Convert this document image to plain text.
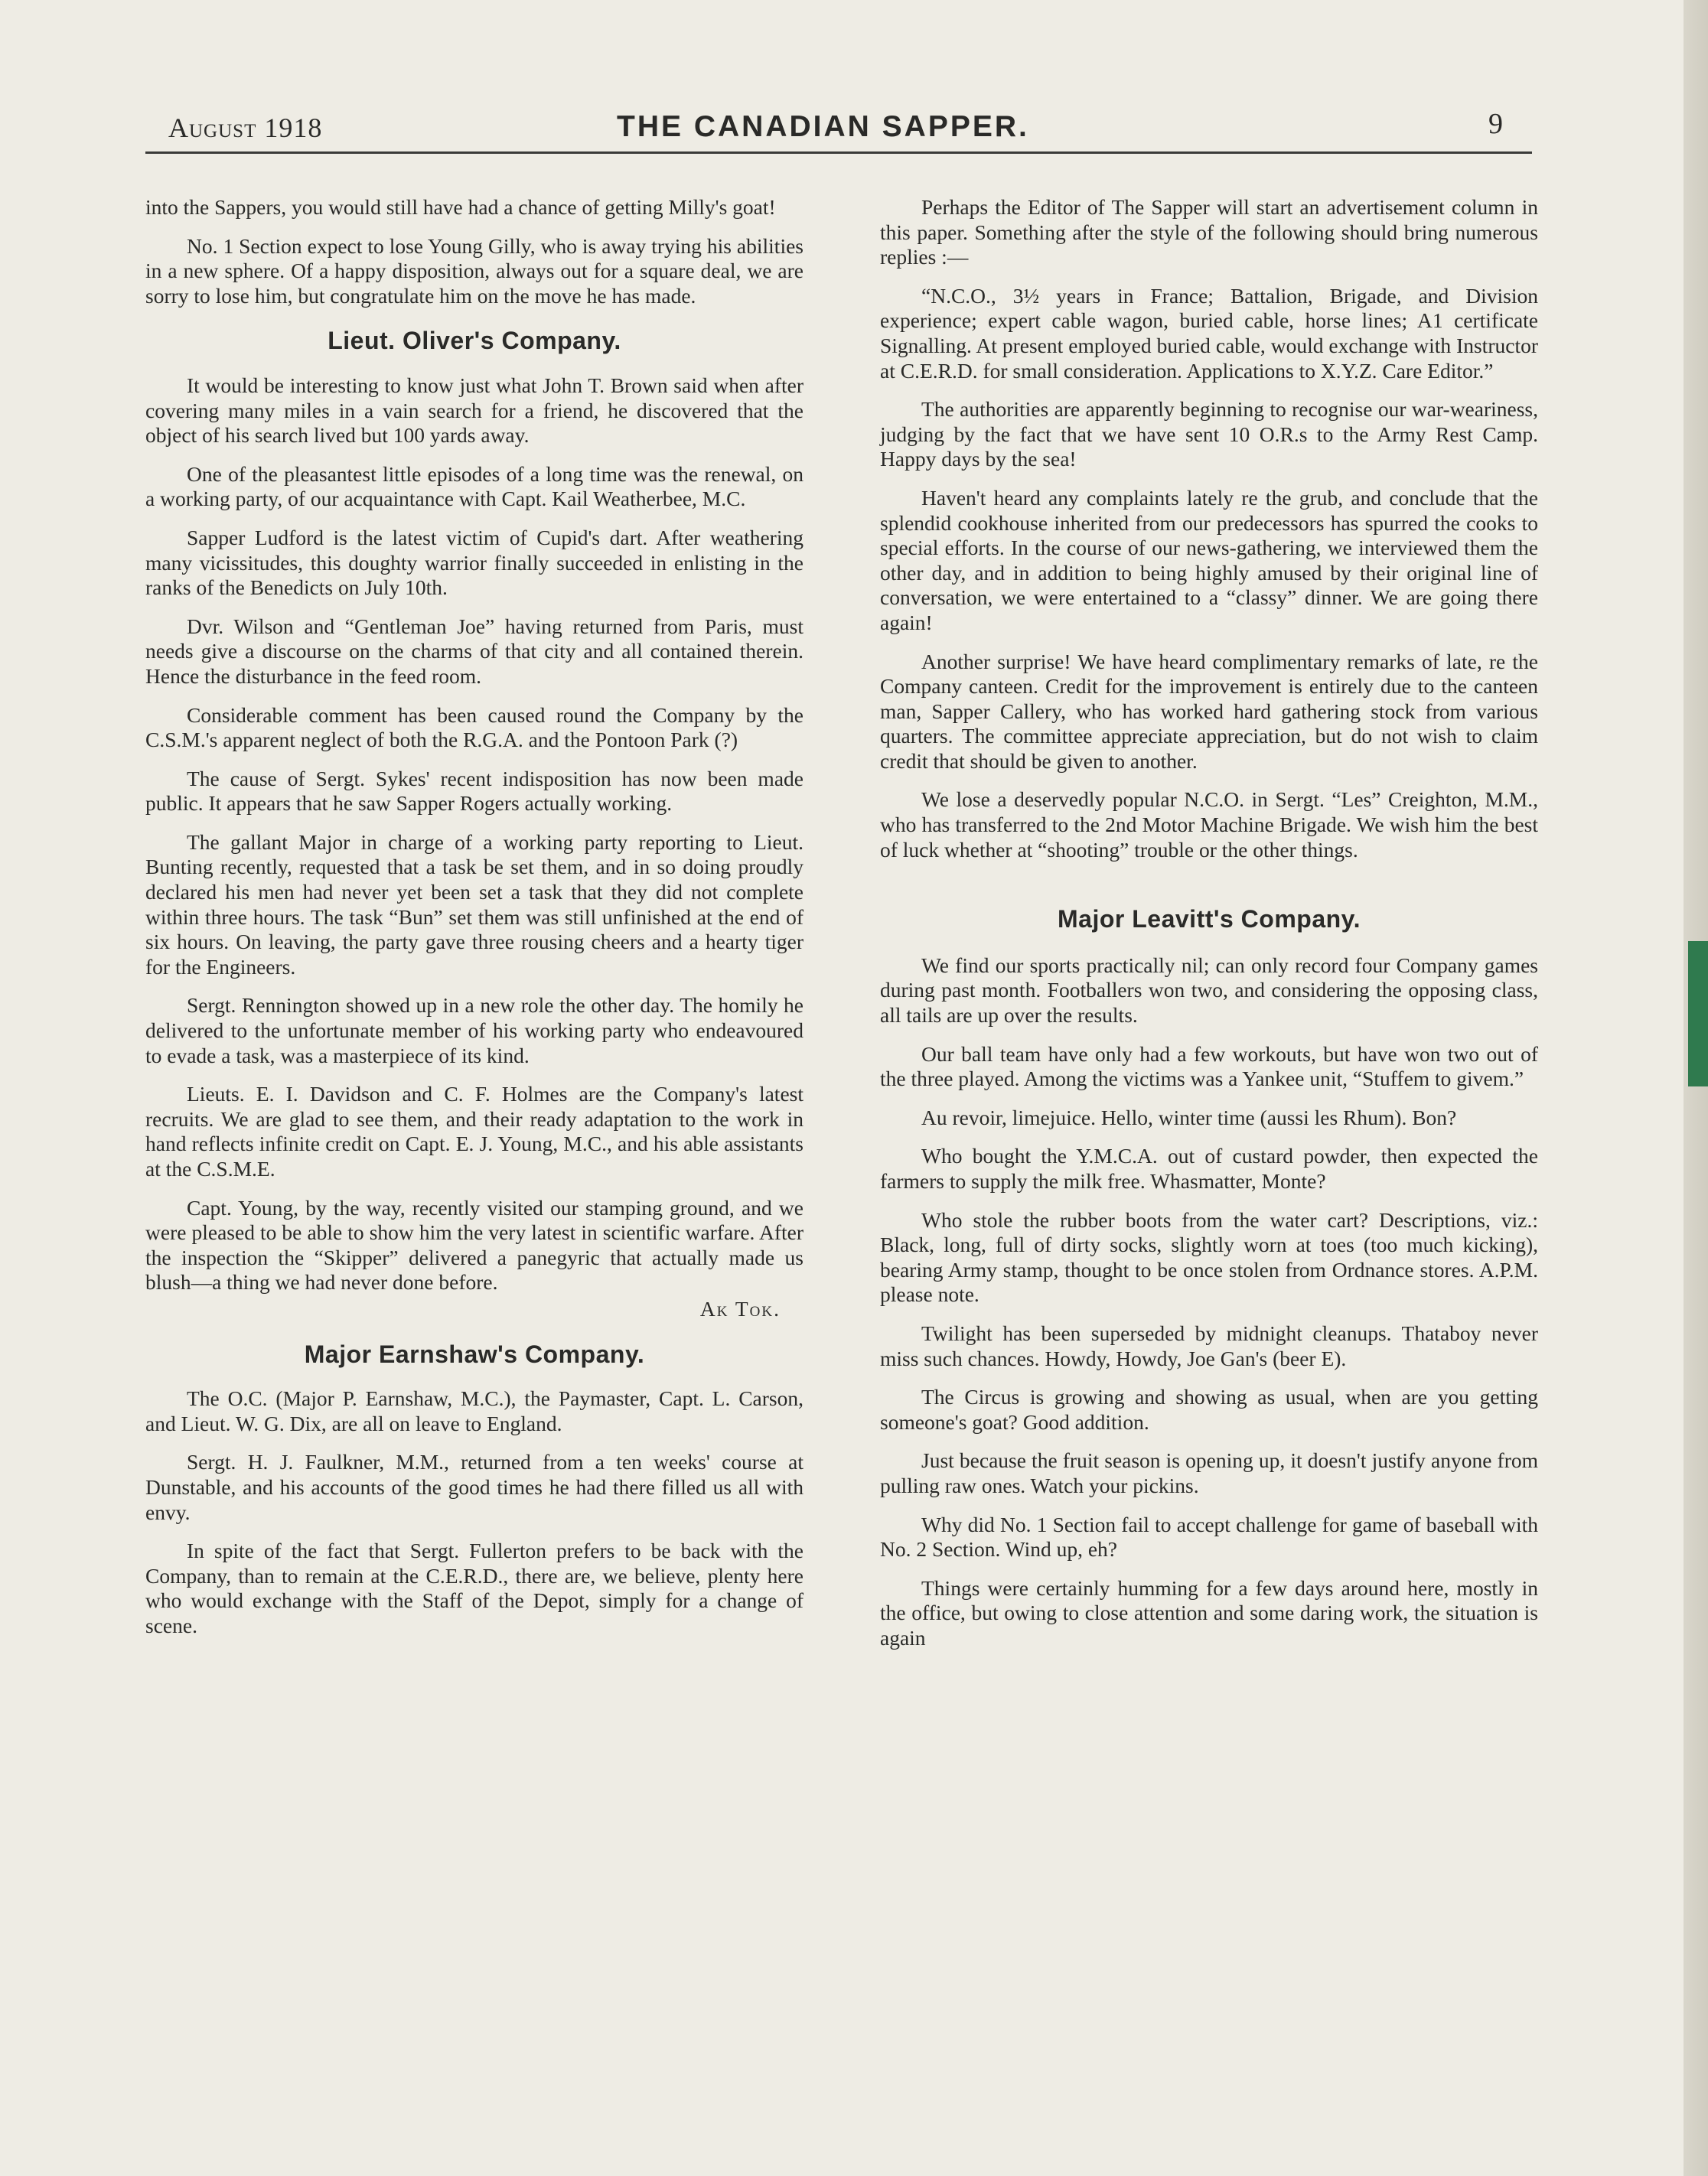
August 1918	THE CANADIAN SAPPER.	9

into the Sappers, you would still have had a chance of getting Milly's goat!

No. 1 Section expect to lose Young Gilly, who is away trying his abilities in a new sphere. Of a happy disposition, always out for a square deal, we are sorry to lose him, but congratulate him on the move he has made.

Lieut. Oliver's Company.

It would be interesting to know just what John T. Brown said when after covering many miles in a vain search for a friend, he discovered that the object of his search lived but 100 yards away.

One of the pleasantest little episodes of a long time was the renewal, on a working party, of our acquaintance with Capt. Kail Weatherbee, M.C.

Sapper Ludford is the latest victim of Cupid's dart. After weathering many vicissitudes, this doughty warrior finally succeeded in enlisting in the ranks of the Benedicts on July 10th.

Dvr. Wilson and “Gentleman Joe” having returned from Paris, must needs give a discourse on the charms of that city and all contained therein. Hence the disturbance in the feed room.

Considerable comment has been caused round the Company by the C.S.M.'s apparent neglect of both the R.G.A. and the Pontoon Park (?)

The cause of Sergt. Sykes' recent indisposition has now been made public. It appears that he saw Sapper Rogers actually working.

The gallant Major in charge of a working party reporting to Lieut. Bunting recently, requested that a task be set them, and in so doing proudly declared his men had never yet been set a task that they did not complete within three hours. The task “Bun” set them was still unfinished at the end of six hours. On leaving, the party gave three rousing cheers and a hearty tiger for the Engineers.

Sergt. Rennington showed up in a new role the other day. The homily he delivered to the unfortunate member of his working party who endeavoured to evade a task, was a masterpiece of its kind.

Lieuts. E. I. Davidson and C. F. Holmes are the Company's latest recruits. We are glad to see them, and their ready adaptation to the work in hand reflects infinite credit on Capt. E. J. Young, M.C., and his able assistants at the C.S.M.E.

Capt. Young, by the way, recently visited our stamping ground, and we were pleased to be able to show him the very latest in scientific warfare. After the inspection the “Skipper” delivered a panegyric that actually made us blush—a thing we had never done before.

Ak Tok.
Major Earnshaw's Company.

The O.C. (Major P. Earnshaw, M.C.), the Paymaster, Capt. L. Carson, and Lieut. W. G. Dix, are all on leave to England.

Sergt. H. J. Faulkner, M.M., returned from a ten weeks' course at Dunstable, and his accounts of the good times he had there filled us all with envy.

In spite of the fact that Sergt. Fullerton prefers to be back with the Company, than to remain at the C.E.R.D., there are, we believe, plenty here who would exchange with the Staff of the Depot, simply for a change of scene.

Perhaps the Editor of The Sapper will start an advertisement column in this paper. Something after the style of the following should bring numerous replies :—

“N.C.O., 3½ years in France; Battalion, Brigade, and Division experience; expert cable wagon, buried cable, horse lines; A1 certificate Signalling. At present employed buried cable, would exchange with Instructor at C.E.R.D. for small consideration. Applications to X.Y.Z. Care Editor.”

The authorities are apparently beginning to recognise our war-weariness, judging by the fact that we have sent 10 O.R.s to the Army Rest Camp. Happy days by the sea!

Haven't heard any complaints lately re the grub, and conclude that the splendid cookhouse inherited from our predecessors has spurred the cooks to special efforts. In the course of our news-gathering, we interviewed them the other day, and in addition to being highly amused by their original line of conversation, we were entertained to a “classy” dinner. We are going there again!

Another surprise! We have heard complimentary remarks of late, re the Company canteen. Credit for the improvement is entirely due to the canteen man, Sapper Callery, who has worked hard gathering stock from various quarters. The committee appreciate appreciation, but do not wish to claim credit that should be given to another.

We lose a deservedly popular N.C.O. in Sergt. “Les” Creighton, M.M., who has transferred to the 2nd Motor Machine Brigade. We wish him the best of luck whether at “shooting” trouble or the other things.

Major Leavitt's Company.

We find our sports practically nil; can only record four Company games during past month. Footballers won two, and considering the opposing class, all tails are up over the results.

Our ball team have only had a few workouts, but have won two out of the three played. Among the victims was a Yankee unit, “Stuffem to givem.”

Au revoir, limejuice. Hello, winter time (aussi les Rhum). Bon?

Who bought the Y.M.C.A. out of custard powder, then expected the farmers to supply the milk free. Whasmatter, Monte?

Who stole the rubber boots from the water cart? Descriptions, viz.: Black, long, full of dirty socks, slightly worn at toes (too much kicking), bearing Army stamp, thought to be once stolen from Ordnance stores. A.P.M. please note.

Twilight has been superseded by midnight cleanups. Thataboy never miss such chances. Howdy, Howdy, Joe Gan's (beer E).

The Circus is growing and showing as usual, when are you getting someone's goat? Good addition.

Just because the fruit season is opening up, it doesn't justify anyone from pulling raw ones. Watch your pickins.

Why did No. 1 Section fail to accept challenge for game of baseball with No. 2 Section. Wind up, eh?

Things were certainly humming for a few days around here, mostly in the office, but owing to close attention and some daring work, the situation is again
